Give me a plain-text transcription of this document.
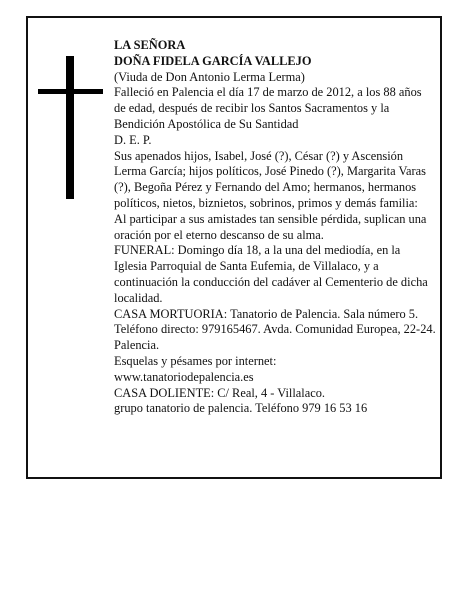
LA SEÑORA

DOÑA FIDELA GARCÍA VALLEJO

(Viuda de Don Antonio Lerma Lerma)

Falleció en Palencia el día 17 de marzo de 2012, a los 88 años de edad, después de recibir los Santos Sacramentos y la Bendición Apostólica de Su Santidad

D. E. P.

Sus apenados hijos, Isabel, José (?), César (?) y Ascensión Lerma García; hijos políticos, José Pinedo (?), Margarita Varas (?), Begoña Pérez y Fernando del Amo; hermanos, hermanos políticos, nietos, biznietos, sobrinos, primos y demás familia:

Al participar a sus amistades tan sensible pérdida, suplican una oración por el eterno descanso de su alma.

FUNERAL: Domingo día 18, a la una del mediodía, en la Iglesia Parroquial de Santa Eufemia, de Villalaco, y a continuación la conducción del cadáver al Cementerio de dicha localidad.

CASA MORTUORIA: Tanatorio de Palencia. Sala número 5. Teléfono directo: 979165467. Avda. Comunidad Europea, 22-24. Palencia.

Esquelas y pésames por internet:

www.tanatoriodepalencia.es

CASA DOLIENTE: C/ Real, 4 - Villalaco.

grupo tanatorio de palencia. Teléfono 979 16 53 16
